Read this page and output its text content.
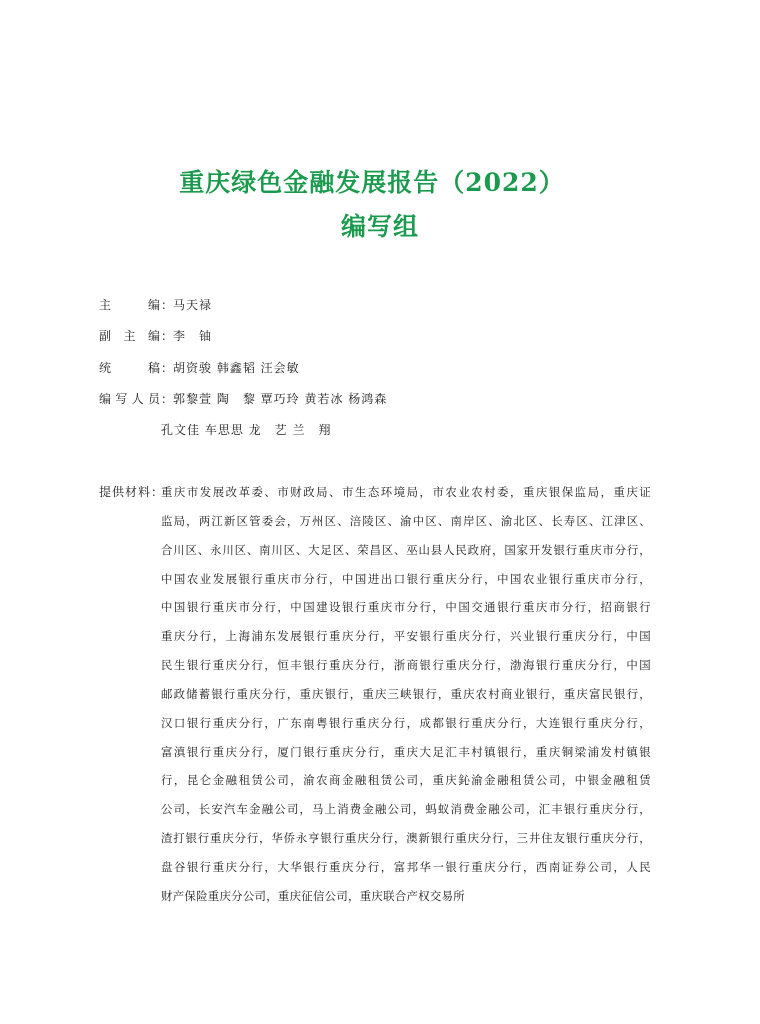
重庆绿色金融发展报告（2022）
编写组
主编 ： 马天禄
副主编 ： 李　铀
统稿 ： 胡资骏 韩鑫韬 汪会敏
编写人员 ： 郭黎萱 陶　黎 覃巧玲 黄若冰 杨鸿森
孔文佳 车思思 龙　艺 兰　翔
提供材料：
重庆市发展改革委、市财政局、市生态环境局，市农业农村委，重庆银保监局，重庆证
监局，两江新区管委会，万州区、涪陵区、渝中区、南岸区、渝北区、长寿区、江津区、
合川区、永川区、南川区、大足区、荣昌区、巫山县人民政府，国家开发银行重庆市分行，
中国农业发展银行重庆市分行，中国进出口银行重庆分行，中国农业银行重庆市分行，
中国银行重庆市分行，中国建设银行重庆市分行，中国交通银行重庆市分行，招商银行
重庆分行，上海浦东发展银行重庆分行，平安银行重庆分行，兴业银行重庆分行，中国
民生银行重庆分行，恒丰银行重庆分行，浙商银行重庆分行，渤海银行重庆分行，中国
邮政储蓄银行重庆分行，重庆银行，重庆三峡银行，重庆农村商业银行，重庆富民银行，
汉口银行重庆分行，广东南粤银行重庆分行，成都银行重庆分行，大连银行重庆分行，
富滇银行重庆分行，厦门银行重庆分行，重庆大足汇丰村镇银行，重庆铜梁浦发村镇银
行，昆仑金融租赁公司，渝农商金融租赁公司，重庆鈊渝金融租赁公司，中银金融租赁
公司，长安汽车金融公司，马上消费金融公司，蚂蚁消费金融公司，汇丰银行重庆分行，
渣打银行重庆分行，华侨永亨银行重庆分行，澳新银行重庆分行，三井住友银行重庆分行，
盘谷银行重庆分行，大华银行重庆分行，富邦华一银行重庆分行，西南证券公司，人民
财产保险重庆分公司，重庆征信公司，重庆联合产权交易所
